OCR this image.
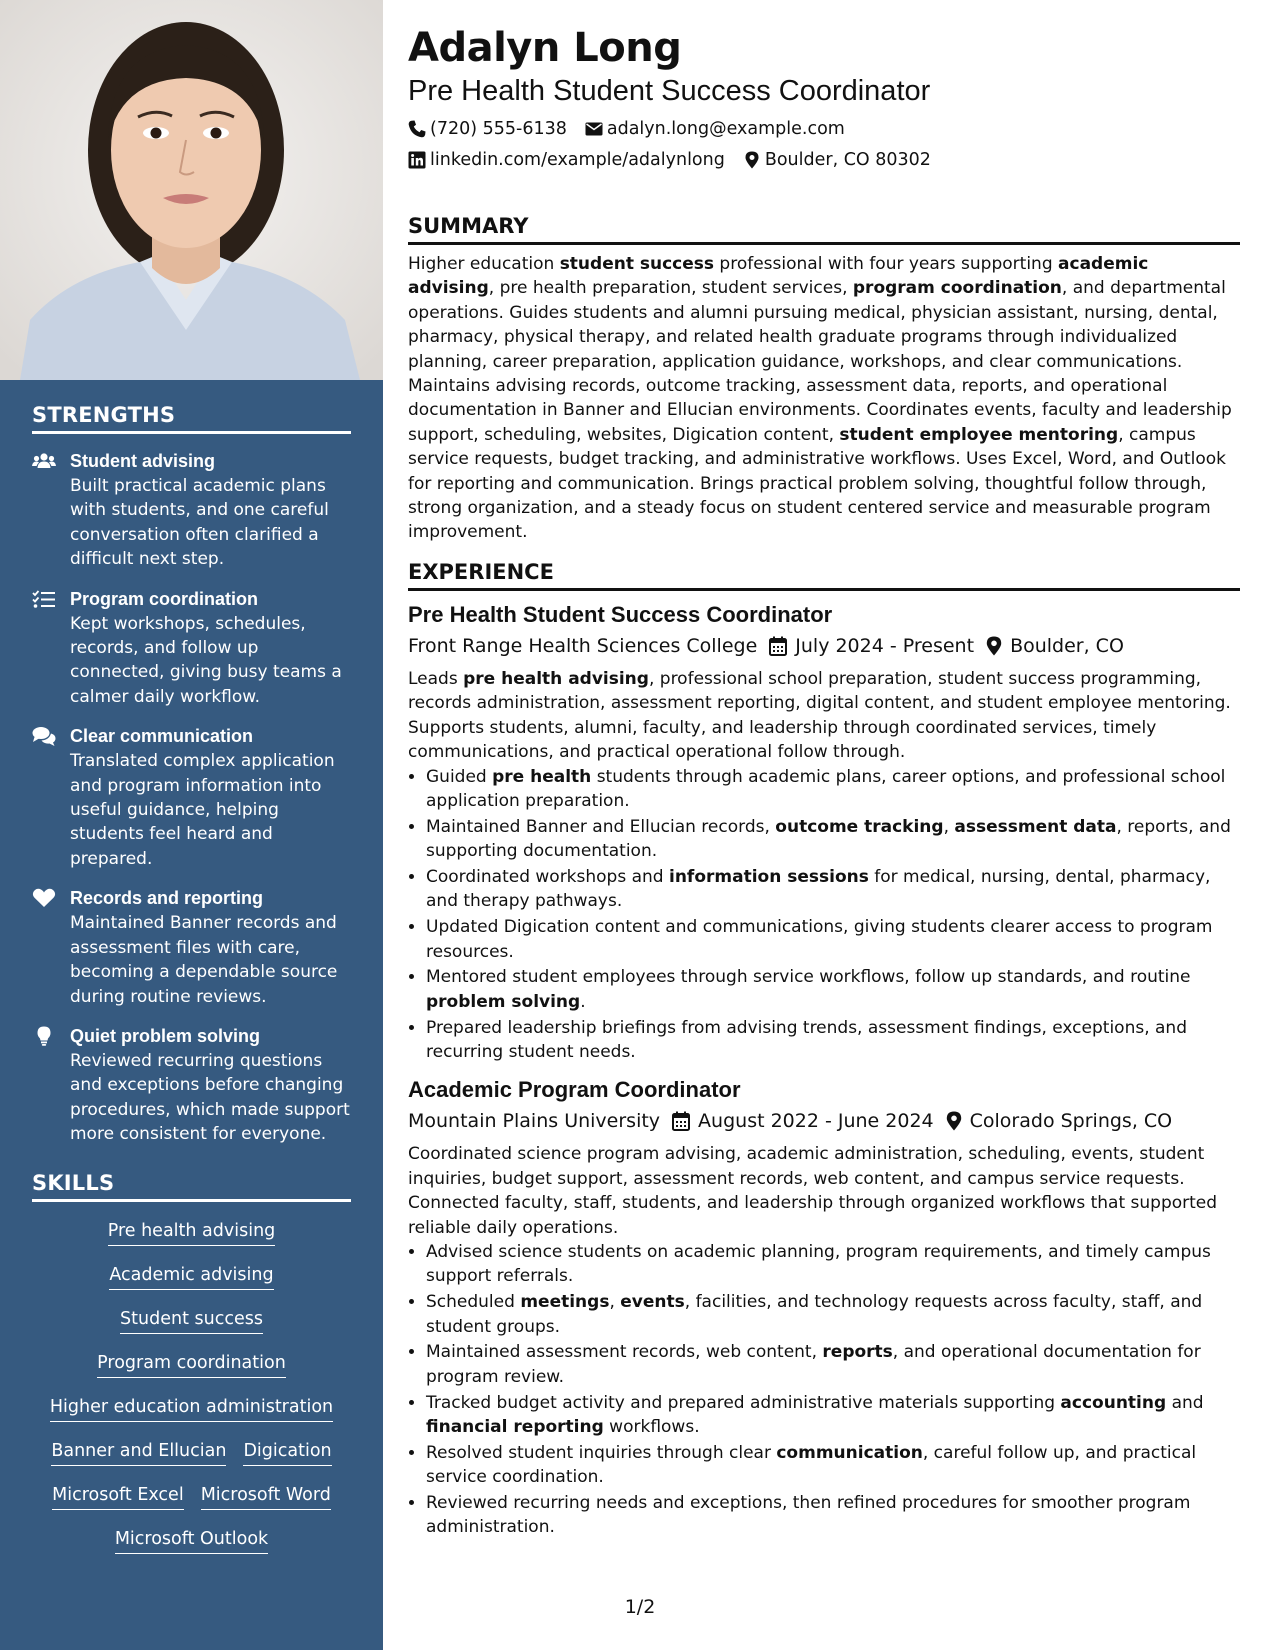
STRENGTHS
Student advising
Built practical academic plans with students, and one careful conversation often clarified a difficult next step.
Program coordination
Kept workshops, schedules, records, and follow up connected, giving busy teams a calmer daily workflow.
Clear communication
Translated complex application and program information into useful guidance, helping students feel heard and prepared.
Records and reporting
Maintained Banner records and assessment files with care, becoming a dependable source during routine reviews.
Quiet problem solving
Reviewed recurring questions and exceptions before changing procedures, which made support more consistent for everyone.
SKILLS
Pre health advising
Academic advising
Student success
Program coordination
Higher education administration
Banner and Ellucian Digication
Microsoft Excel Microsoft Word
Microsoft Outlook
Adalyn Long

Pre Health Student Success Coordinator

(720) 555-6138 adalyn.long@example.com
linkedin.com/example/adalynlong Boulder, CO 80302
SUMMARY

Higher education student success professional with four years supporting academic advising, pre health preparation, student services, program coordination, and departmental operations. Guides students and alumni pursuing medical, physician assistant, nursing, dental, pharmacy, physical therapy, and related health graduate programs through individualized planning, career preparation, application guidance, workshops, and clear communications. Maintains advising records, outcome tracking, assessment data, reports, and operational documentation in Banner and Ellucian environments. Coordinates events, faculty and leadership support, scheduling, websites, Digication content, student employee mentoring, campus service requests, budget tracking, and administrative workflows. Uses Excel, Word, and Outlook for reporting and communication. Brings practical problem solving, thoughtful follow through, strong organization, and a steady focus on student centered service and measurable program improvement.

EXPERIENCE
Pre Health Student Success Coordinator
Front Range Health Sciences College July 2024 - Present Boulder, CO

Leads pre health advising, professional school preparation, student success programming, records administration, assessment reporting, digital content, and student employee mentoring. Supports students, alumni, faculty, and leadership through coordinated services, timely communications, and practical operational follow through.

• Guided pre health students through academic plans, career options, and professional school application preparation.
• Maintained Banner and Ellucian records, outcome tracking, assessment data, reports, and supporting documentation.
• Coordinated workshops and information sessions for medical, nursing, dental, pharmacy, and therapy pathways.
• Updated Digication content and communications, giving students clearer access to program resources.
• Mentored student employees through service workflows, follow up standards, and routine problem solving.
• Prepared leadership briefings from advising trends, assessment findings, exceptions, and recurring student needs.
Academic Program Coordinator
Mountain Plains University August 2022 - June 2024 Colorado Springs, CO

Coordinated science program advising, academic administration, scheduling, events, student inquiries, budget support, assessment records, web content, and campus service requests. Connected faculty, staff, students, and leadership through organized workflows that supported reliable daily operations.

• Advised science students on academic planning, program requirements, and timely campus support referrals.
• Scheduled meetings, events, facilities, and technology requests across faculty, staff, and student groups.
• Maintained assessment records, web content, reports, and operational documentation for program review.
• Tracked budget activity and prepared administrative materials supporting accounting and financial reporting workflows.
• Resolved student inquiries through clear communication, careful follow up, and practical service coordination.
• Reviewed recurring needs and exceptions, then refined procedures for smoother program administration.
1/2
